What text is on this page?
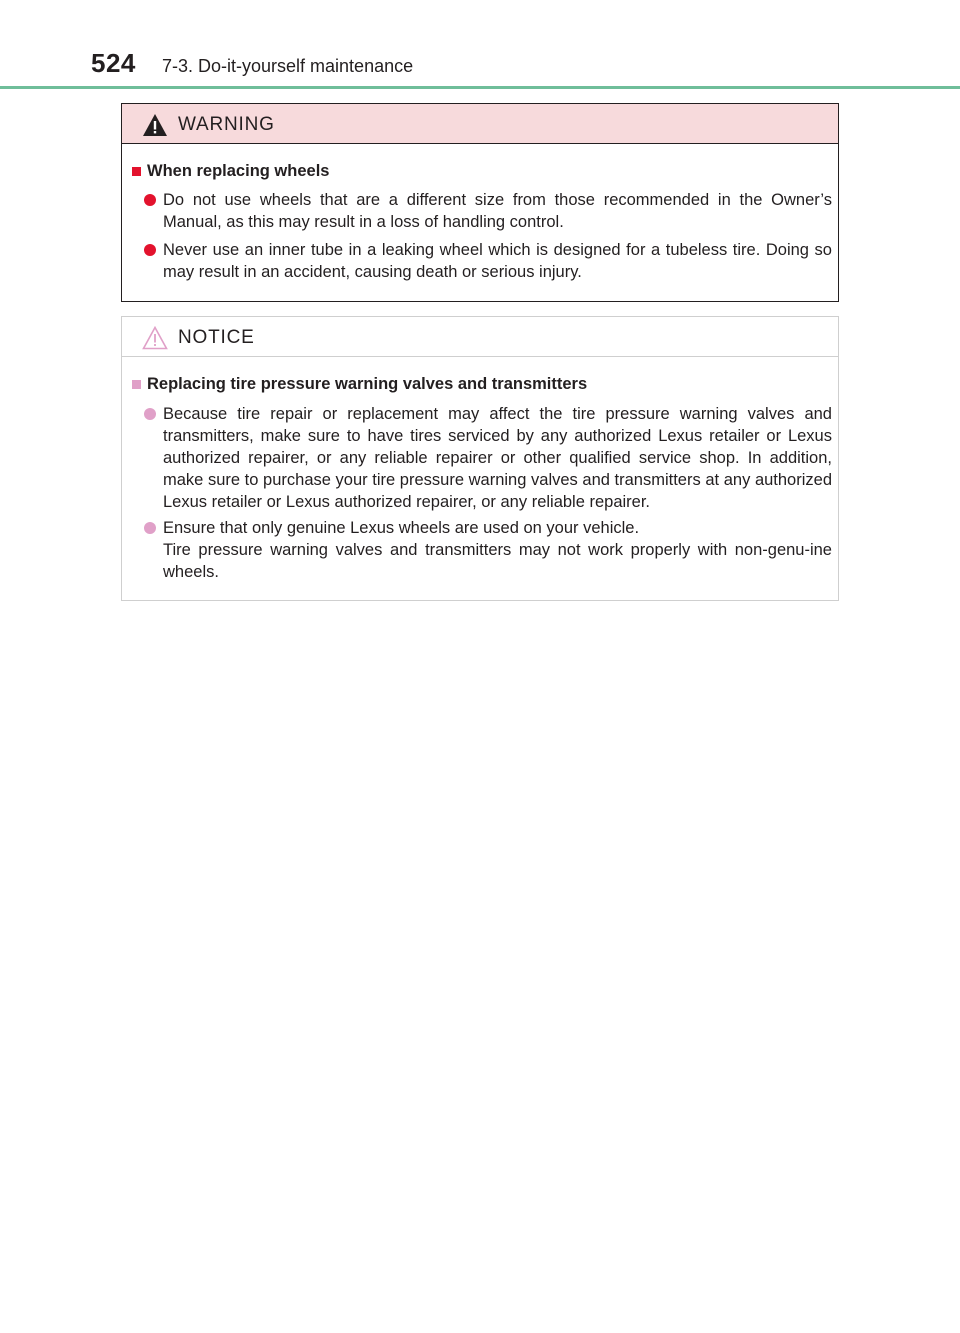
524 7-3. Do-it-yourself maintenance
WARNING
When replacing wheels
Do not use wheels that are a different size from those recommended in the Owner’s Manual, as this may result in a loss of handling control.
Never use an inner tube in a leaking wheel which is designed for a tubeless tire. Doing so may result in an accident, causing death or serious injury.
NOTICE
Replacing tire pressure warning valves and transmitters
Because tire repair or replacement may affect the tire pressure warning valves and transmitters, make sure to have tires serviced by any authorized Lexus retailer or Lexus authorized repairer, or any reliable repairer or other qualified service shop. In addition, make sure to purchase your tire pressure warning valves and transmitters at any authorized Lexus retailer or Lexus authorized repairer, or any reliable repairer.
Ensure that only genuine Lexus wheels are used on your vehicle.
Tire pressure warning valves and transmitters may not work properly with non-genu-ine wheels.
